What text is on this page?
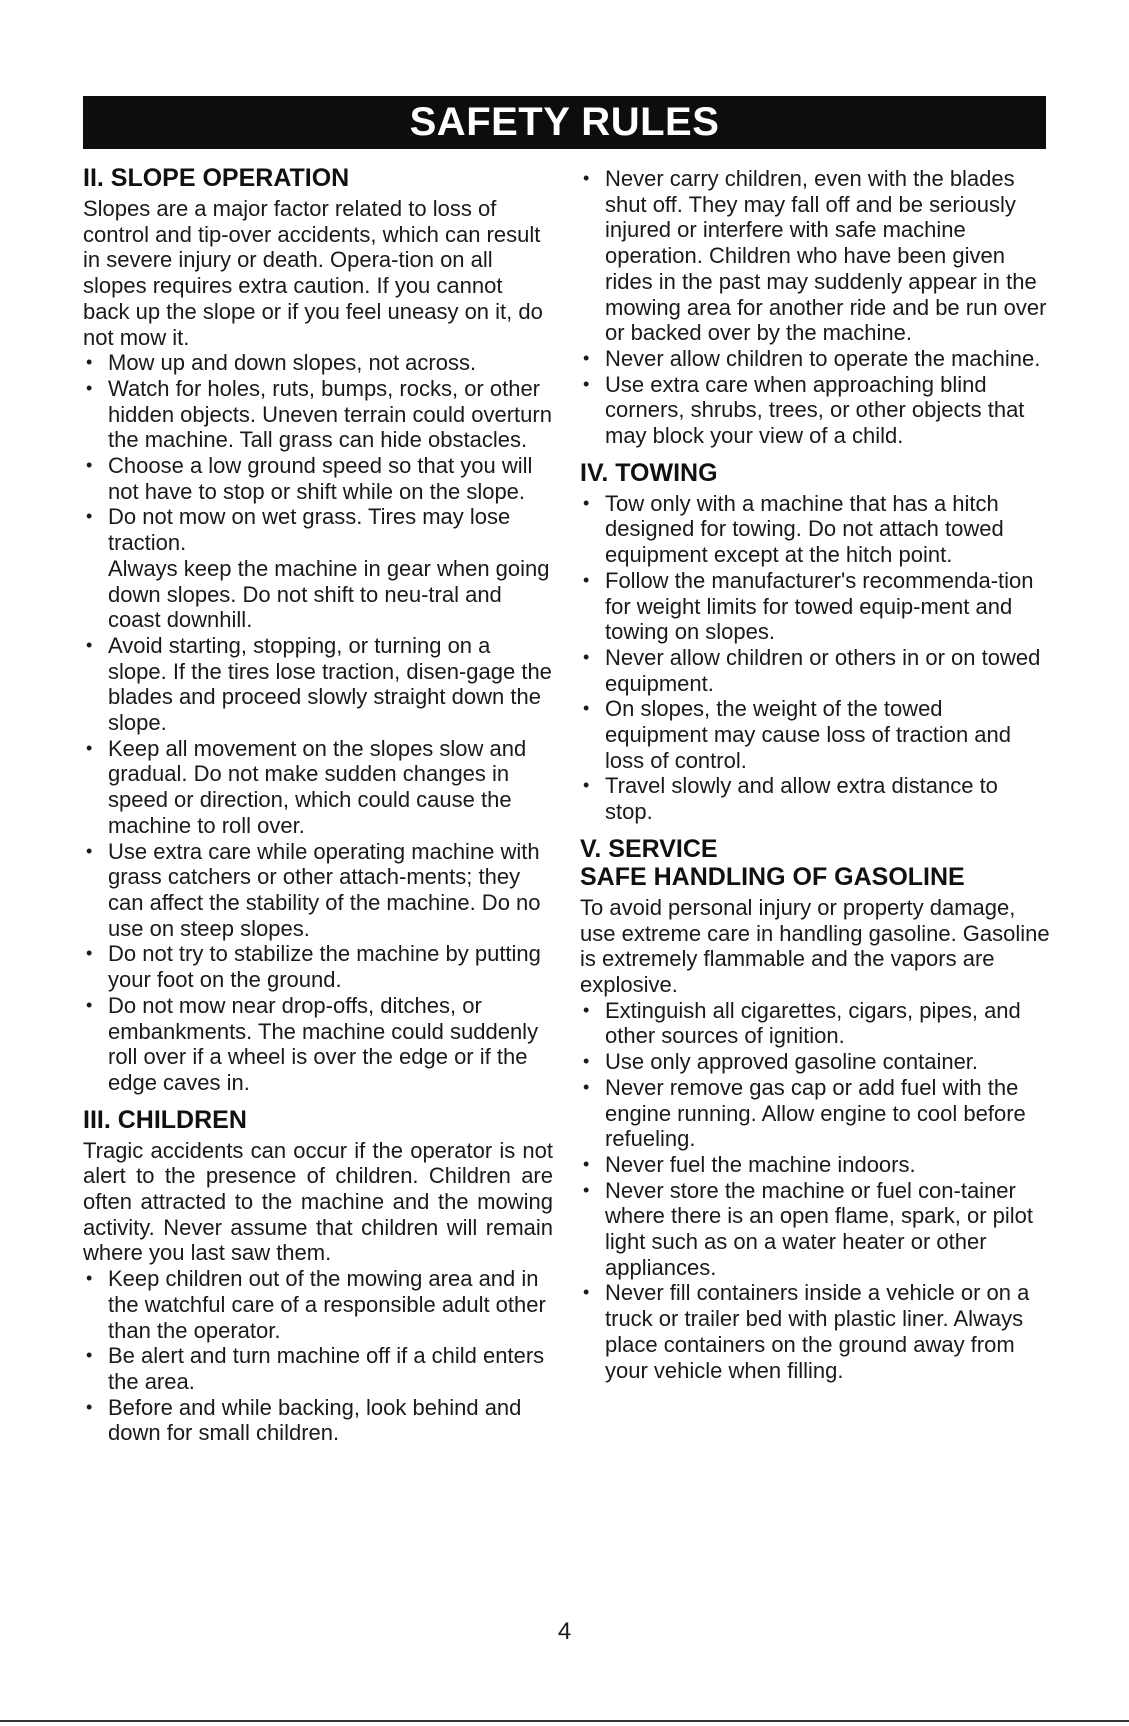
SAFETY RULES
II. SLOPE OPERATION

Slopes are a major factor related to loss of control and tip-over accidents, which can result in severe injury or death. Opera-tion on all slopes requires extra caution. If you cannot back up the slope or if you feel uneasy on it, do not mow it.

• Mow up and down slopes, not across.
• Watch for holes, ruts, bumps, rocks, or other hidden objects. Uneven terrain could overturn the machine. Tall grass can hide obstacles.
• Choose a low ground speed so that you will not have to stop or shift while on the slope.
• Do not mow on wet grass. Tires may lose traction.
Always keep the machine in gear when going down slopes. Do not shift to neu-tral and coast downhill.
• Avoid starting, stopping, or turning on a slope. If the tires lose traction, disen-gage the blades and proceed slowly straight down the slope.
• Keep all movement on the slopes slow and gradual. Do not make sudden changes in speed or direction, which could cause the machine to roll over.
• Use extra care while operating machine with grass catchers or other attach-ments; they can affect the stability of the machine. Do no use on steep slopes.
• Do not try to stabilize the machine by putting your foot on the ground.
• Do not mow near drop-offs, ditches, or embankments. The machine could suddenly roll over if a wheel is over the edge or if the edge caves in.
III. CHILDREN

Tragic accidents can occur if the operator is not alert to the presence of children. Children are often attracted to the machine and the mowing activity. Never assume that children will remain where you last saw them.

• Keep children out of the mowing area and in the watchful care of a responsible adult other than the operator.
• Be alert and turn machine off if a child enters the area.
• Before and while backing, look behind and down for small children.
• Never carry children, even with the blades shut off. They may fall off and be seriously injured or interfere with safe machine operation. Children who have been given rides in the past may suddenly appear in the mowing area for another ride and be run over or backed over by the machine.
• Never allow children to operate the machine.
• Use extra care when approaching blind corners, shrubs, trees, or other objects that may block your view of a child.
IV. TOWING
• Tow only with a machine that has a hitch designed for towing. Do not attach towed equipment except at the hitch point.
• Follow the manufacturer's recommenda-tion for weight limits for towed equip-ment and towing on slopes.
• Never allow children or others in or on towed equipment.
• On slopes, the weight of the towed equipment may cause loss of traction and loss of control.
• Travel slowly and allow extra distance to stop.
V. SERVICE
SAFE HANDLING OF GASOLINE

To avoid personal injury or property damage, use extreme care in handling gasoline. Gasoline is extremely flammable and the vapors are explosive.

• Extinguish all cigarettes, cigars, pipes, and other sources of ignition.
• Use only approved gasoline container.
• Never remove gas cap or add fuel with the engine running. Allow engine to cool before refueling.
• Never fuel the machine indoors.
• Never store the machine or fuel con-tainer where there is an open flame, spark, or pilot light such as on a water heater or other appliances.
• Never fill containers inside a vehicle or on a truck or trailer bed with plastic liner. Always place containers on the ground away from your vehicle when filling.
4
